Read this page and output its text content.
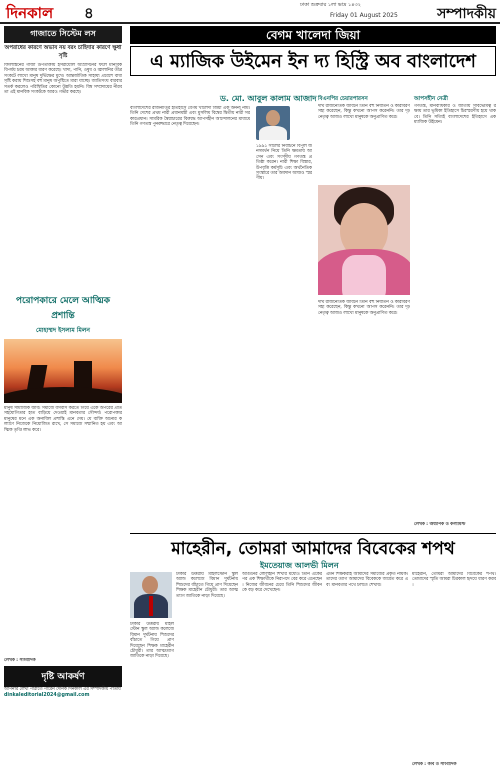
দিনকাল ৪	ঢাকা শুক্রবার ১লা ভাদ্র ১৪৩২
Friday 01 August 2025	সম্পাদকীয়
গাজাতে সিস্টেম লস
অপরাধের কারণে অভাব নয় বরং চাহিদার কারণে ক্ষুধা সৃষ্টি
ফিলিস্তিনের গাজা উপত্যকায় ইসরায়েলি আগ্রাসনের ফলে মানবিক বিপর্যয় চরম আকার ধারণ করেছে। খাদ্য, পানি, ওষুধ ও জ্বালানির তীব্র সংকটে লাখো মানুষ দুর্ভিক্ষের মুখে। আন্তর্জাতিক সাহায্য প্রবেশে বাধা সৃষ্টি করায় শিশুসহ বহু মানুষ অপুষ্টিতে মারা যাচ্ছে। জাতিসংঘ বারবার সতর্ক করলেও পরিস্থিতির কোনো উন্নতি হয়নি। বিশ্ব সম্প্রদায়ের নীরবতা এই মানবিক সংকটকে আরও গভীর করছে।
পরোপকারে মেলে আত্মিক প্রশান্তি
মোহাম্মদ ইসলাম মিলন
মানুষ সামাজিক জীব। সমাজে বসবাস করতে গিয়ে একে অপরের প্রতি সহযোগিতার হাত বাড়িয়ে দেওয়াই মানবতার সৌন্দর্য। পরোপকার মানুষের মনে এক অনাবিল প্রশান্তি এনে দেয়। যে ব্যক্তি অন্যের কল্যাণে নিজেকে নিয়োজিত রাখে, সে সমাজে সম্মানিত হয় এবং আত্মিক তৃপ্তি লাভ করে।
লেখক : সাংবাদিক
দৃষ্টি আকর্ষণ
আপনার লেখা পাঠাতে পারেন দৈনিক দিনকাল এর সম্পাদকীয় পাতায়
dinkaleditorial2024@gmail.com
বেগম খালেদা জিয়া
এ ম্যাজিক উইমেন ইন দ্য হিস্ট্রি অব বাংলাদেশ
ড. মো. আবুল কালাম আজাদ
বাংলাদেশের রাজনীতির ইতিহাসে বেগম খালেদা জিয়া এক অনন্য নাম। তিনি দেশের প্রথম নারী প্রধানমন্ত্রী এবং মুসলিম বিশ্বের দ্বিতীয় নারী সরকারপ্রধান। সামরিক স্বৈরাচারের বিরুদ্ধে আপসহীন আন্দোলনের মাধ্যমে তিনি গণতন্ত্র পুনরুদ্ধারে নেতৃত্ব দিয়েছেন।
১৯৯১ সালের নির্বাচনে বিপুল জনসমর্থন নিয়ে তিনি ক্ষমতায় আসেন এবং সংসদীয় গণতন্ত্র প্রতিষ্ঠা করেন। নারী শিক্ষা বিস্তার, উপবৃত্তি কর্মসূচি এবং অর্থনৈতিক সংস্কারে তার অবদান আজও স্মরণীয়।
বিএনপির চেয়ারপারসন
দীর্ঘ রাজনৈতিক জীবনে তিনি বহু নির্যাতন ও কারাবরণ সহ্য করেছেন, কিন্তু কখনো আপস করেননি। তার দৃঢ় নেতৃত্ব আজও লাখো মানুষকে অনুপ্রাণিত করে।
দীর্ঘ রাজনৈতিক জীবনে তিনি বহু নির্যাতন ও কারাবরণ সহ্য করেছেন, কিন্তু কখনো আপস করেননি। তার দৃঢ় নেতৃত্ব আজও লাখো মানুষকে অনুপ্রাণিত করে।
আপসহীন নেত্রী
গণতন্ত্র, মানবাধিকার ও জাতীয় সার্বভৌমত্ব রক্ষায় তার ভূমিকা ইতিহাসে চিরস্মরণীয় হয়ে থাকবে। তিনি সত্যিই বাংলাদেশের ইতিহাসে এক ম্যাজিক উইমেন।
লেখক : অধ্যাপক ও কলামিস্ট
মাহেরীন, তোমরা আমাদের বিবেকের শপথ
ইমতেয়াজ আলভী মিলন
ঢাকার উত্তরায় মাইলস্টোন স্কুল অ্যান্ড কলেজে বিমান দুর্ঘটনায় শিশুদের বাঁচাতে গিয়ে প্রাণ দিয়েছেন শিক্ষক মাহেরীন চৌধুরী। তার আত্মত্যাগ জাতিকে নাড়া দিয়েছে।
ঢাকার উত্তরায় মাইলস্টোন স্কুল অ্যান্ড কলেজে বিমান দুর্ঘটনায় শিশুদের বাঁচাতে গিয়ে প্রাণ দিয়েছেন শিক্ষক মাহেরীন চৌধুরী। তার আত্মত্যাগ জাতিকে নাড়া দিয়েছে।
আগুনের লেলিহান শিখার মধ্যেও তিনি একের পর এক শিক্ষার্থীকে নিরাপদে বের করে এনেছেন। নিজের জীবনের চেয়ে তিনি শিশুদের জীবনকে বড় করে দেখেছেন।
এমন শিক্ষকরাই আমাদের সমাজের প্রকৃত নায়ক। তাদের ত্যাগ আমাদের বিবেককে জাগ্রত করে এবং মানবতার পথে চলতে শেখায়।
মাহেরীন, তোমরা আমাদের বিবেকের শপথ। তোমাদের স্মৃতি আমরা চিরকাল হৃদয়ে ধারণ করব।
লেখক : কবি ও সাংবাদিক
